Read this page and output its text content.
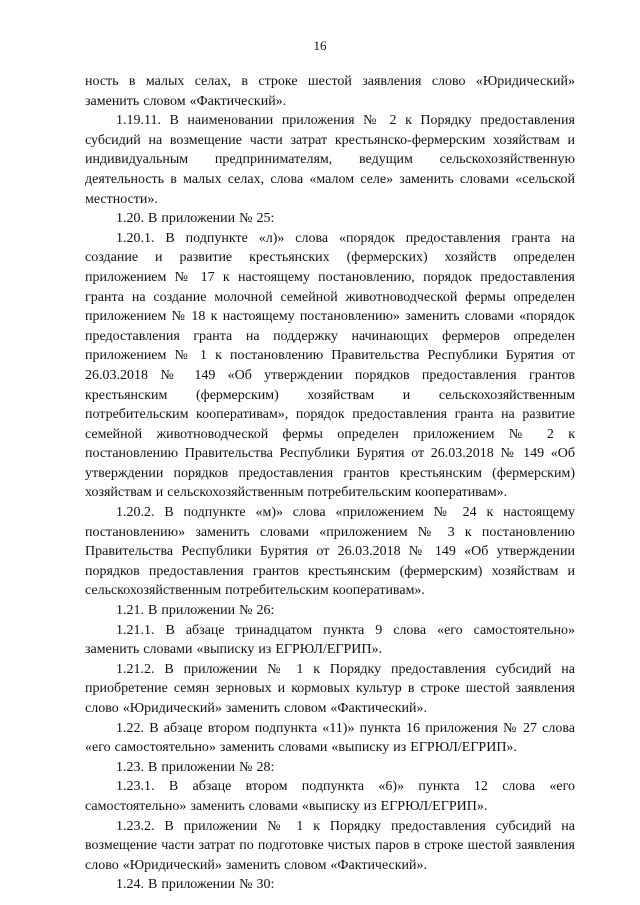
16

ность в малых селах, в строке шестой заявления слово «Юридический» заменить словом «Фактический».

1.19.11. В наименовании приложения № 2 к Порядку предоставления субсидий на возмещение части затрат крестьянско-фермерским хозяйствам и индивидуальным предпринимателям, ведущим сельскохозяйственную деятельность в малых селах, слова «малом селе» заменить словами «сельской местности».

1.20. В приложении № 25:

1.20.1. В подпункте «л)» слова «порядок предоставления гранта на создание и развитие крестьянских (фермерских) хозяйств определен приложением № 17 к настоящему постановлению, порядок предоставления гранта на создание молочной семейной животноводческой фермы определен приложением № 18 к настоящему постановлению» заменить словами «порядок предоставления гранта на поддержку начинающих фермеров определен приложением № 1 к постановлению Правительства Республики Бурятия от 26.03.2018 № 149 «Об утверждении порядков предоставления грантов крестьянским (фермерским) хозяйствам и сельскохозяйственным потребительским кооперативам», порядок предоставления гранта на развитие семейной животноводческой фермы определен приложением № 2 к постановлению Правительства Республики Бурятия от 26.03.2018 № 149 «Об утверждении порядков предоставления грантов крестьянским (фермерским) хозяйствам и сельскохозяйственным потребительским кооперативам».

1.20.2. В подпункте «м)» слова «приложением № 24 к настоящему постановлению» заменить словами «приложением № 3 к постановлению Правительства Республики Бурятия от 26.03.2018 № 149 «Об утверждении порядков предоставления грантов крестьянским (фермерским) хозяйствам и сельскохозяйственным потребительским кооперативам».

1.21. В приложении № 26:

1.21.1. В абзаце тринадцатом пункта 9 слова «его самостоятельно» заменить словами «выписку из ЕГРЮЛ/ЕГРИП».

1.21.2. В приложении № 1 к Порядку предоставления субсидий на приобретение семян зерновых и кормовых культур в строке шестой заявления слово «Юридический» заменить словом «Фактический».

1.22. В абзаце втором подпункта «11)» пункта 16 приложения № 27 слова «его самостоятельно» заменить словами «выписку из ЕГРЮЛ/ЕГРИП».

1.23. В приложении № 28:

1.23.1. В абзаце втором подпункта «6)» пункта 12 слова «его самостоятельно» заменить словами «выписку из ЕГРЮЛ/ЕГРИП».

1.23.2. В приложении № 1 к Порядку предоставления субсидий на возмещение части затрат по подготовке чистых паров в строке шестой заявления слово «Юридический» заменить словом «Фактический».

1.24. В приложении № 30:
